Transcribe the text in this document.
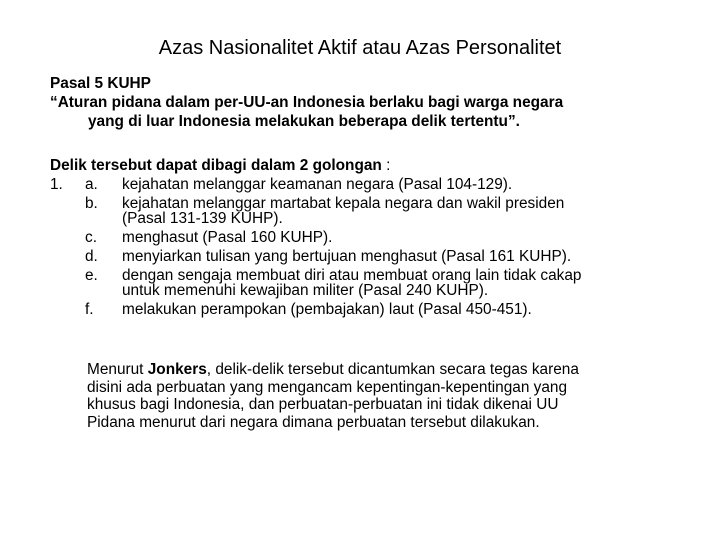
Azas Nasionalitet Aktif atau Azas Personalitet
Pasal 5 KUHP
“Aturan pidana dalam per-UU-an Indonesia berlaku bagi warga negara
yang di luar Indonesia melakukan beberapa delik tertentu”.
Delik tersebut dapat dibagi dalam 2 golongan :
1. a. kejahatan melanggar keamanan negara (Pasal 104-129).
b. kejahatan melanggar martabat kepala negara dan wakil presiden
(Pasal 131-139 KUHP).
c. menghasut (Pasal 160 KUHP).
d. menyiarkan tulisan yang bertujuan menghasut (Pasal 161 KUHP).
e. dengan sengaja membuat diri atau membuat orang lain tidak cakap
untuk memenuhi kewajiban militer (Pasal 240 KUHP).
f. melakukan perampokan (pembajakan) laut (Pasal 450-451).
Menurut Jonkers, delik-delik tersebut dicantumkan secara tegas karena
disini ada perbuatan yang mengancam kepentingan-kepentingan yang
khusus bagi Indonesia, dan perbuatan-perbuatan ini tidak dikenai UU
Pidana menurut dari negara dimana perbuatan tersebut dilakukan.
